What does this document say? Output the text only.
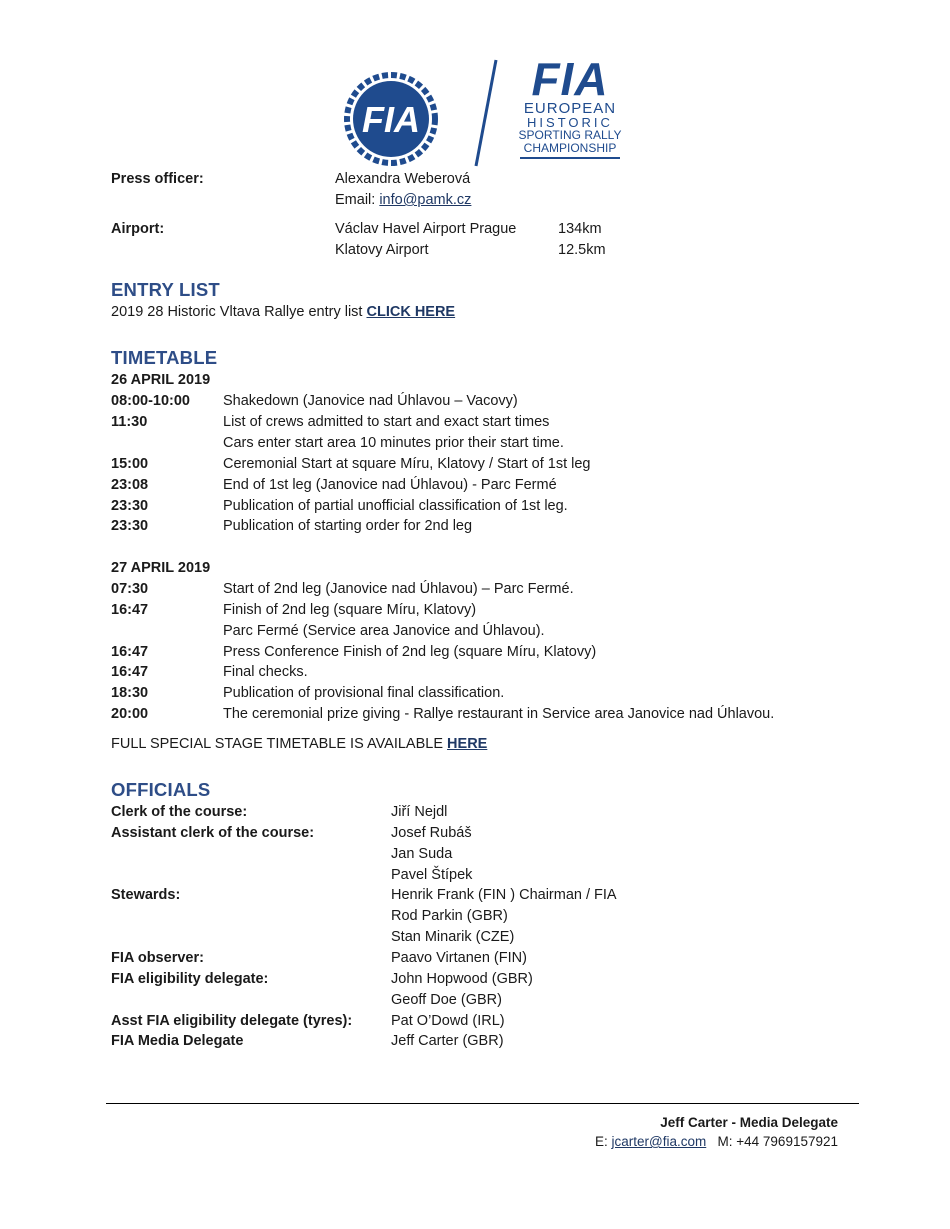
FIA
FIA
EUROPEAN
HISTORIC
SPORTING RALLY
CHAMPIONSHIP
Press officer:	Alexandra Weberová
Email: info@pamk.cz
Airport:	Václav Havel Airport Prague	134km
Klatovy Airport	12.5km
ENTRY LIST
2019 28 Historic Vltava Rallye entry list CLICK HERE
TIMETABLE
26 APRIL 2019
08:00-10:00 Shakedown (Janovice nad Úhlavou – Vacovy)
11:30	List of crews admitted to start and exact start times
Cars enter start area 10 minutes prior their start time.
15:00	Ceremonial Start at square Míru, Klatovy / Start of 1st leg
23:08	End of 1st leg (Janovice nad Úhlavou) - Parc Fermé
23:30	Publication of partial unofficial classification of 1st leg.
23:30	Publication of starting order for 2nd leg
27 APRIL 2019
07:30	Start of 2nd leg (Janovice nad Úhlavou) – Parc Fermé.
16:47	Finish of 2nd leg (square Míru, Klatovy)
Parc Fermé (Service area Janovice and Úhlavou).
16:47	Press Conference Finish of 2nd leg (square Míru, Klatovy)
16:47	Final checks.
18:30	Publication of provisional final classification.
20:00	The ceremonial prize giving - Rallye restaurant in Service area Janovice nad Úhlavou.
FULL SPECIAL STAGE TIMETABLE IS AVAILABLE HERE
OFFICIALS
Clerk of the course:	Jiří Nejdl
Assistant clerk of the course:	Josef Rubáš
Jan Suda
Pavel Štípek
Stewards:	Henrik Frank (FIN ) Chairman / FIA
Rod Parkin (GBR)
Stan Minarik (CZE)
FIA observer:	Paavo Virtanen (FIN)
FIA eligibility delegate:	John Hopwood (GBR)
Geoff Doe (GBR)
Asst FIA eligibility delegate (tyres):	Pat O’Dowd (IRL)
FIA Media Delegate	Jeff Carter (GBR)
Jeff Carter - Media Delegate
E: jcarter@fia.com M: +44 7969157921
